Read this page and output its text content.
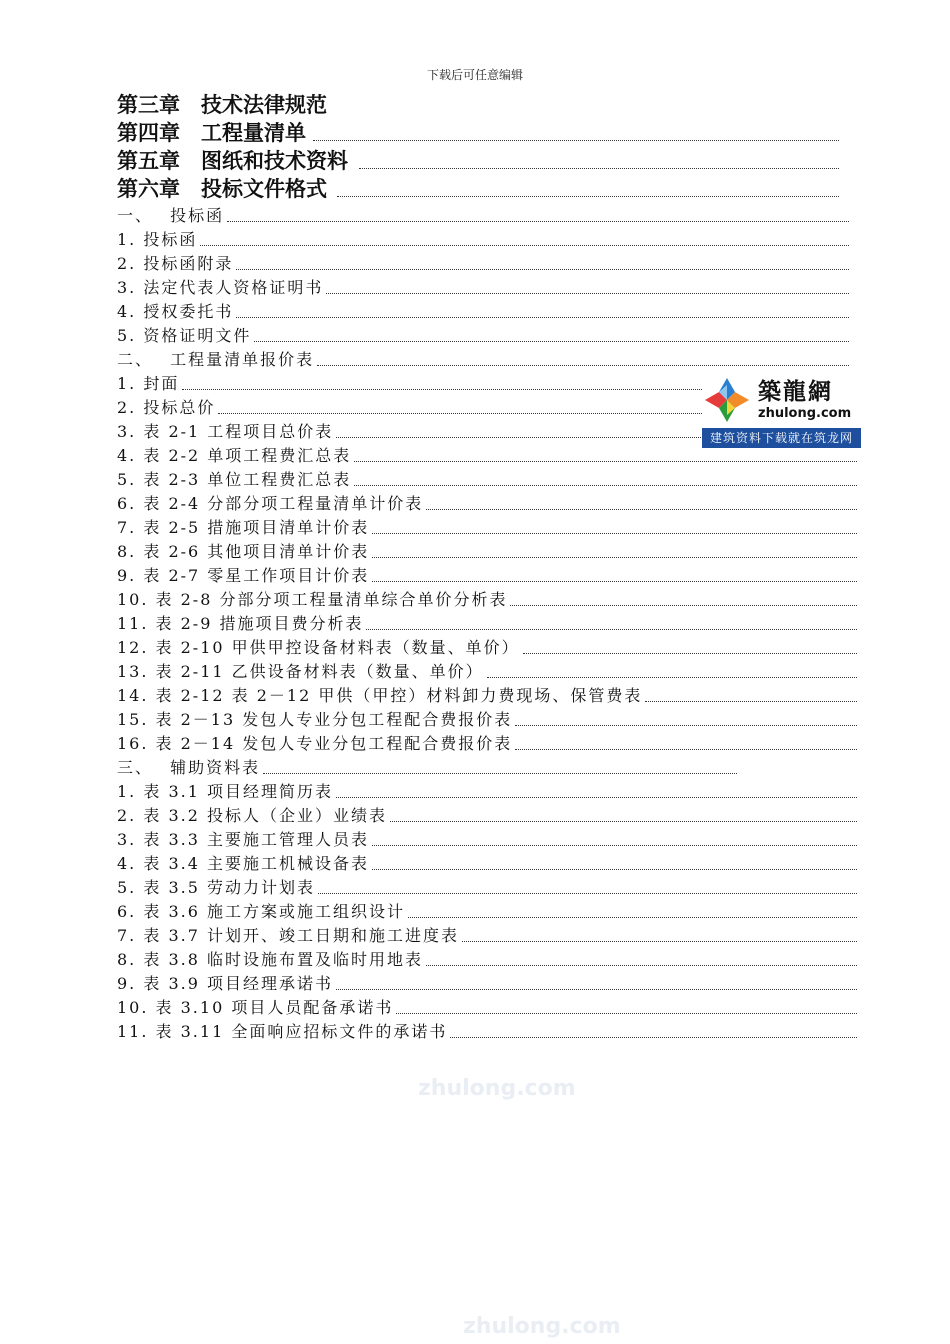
下载后可任意编辑
第三章　技术法律规范
第四章　工程量清单
第五章　图纸和技术资料
第六章　投标文件格式
一、　 投标函
1. 投标函
2. 投标函附录
3. 法定代表人资格证明书
4. 授权委托书
5. 资格证明文件
二、　 工程量清单报价表
1. 封面
2. 投标总价
3. 表 2-1 工程项目总价表
4. 表 2-2 单项工程费汇总表
5. 表 2-3 单位工程费汇总表
6. 表 2-4 分部分项工程量清单计价表
7. 表 2-5 措施项目清单计价表
8. 表 2-6 其他项目清单计价表
9. 表 2-7 零星工作项目计价表
10. 表 2-8 分部分项工程量清单综合单价分析表
11. 表 2-9 措施项目费分析表
12. 表 2-10 甲供甲控设备材料表（数量、单价）
13. 表 2-11 乙供设备材料表（数量、单价）
14. 表 2-12 表 2－12 甲供（甲控）材料卸力费现场、保管费表
15. 表 2－13 发包人专业分包工程配合费报价表
16. 表 2－14 发包人专业分包工程配合费报价表
三、　 辅助资料表
1. 表 3.1 项目经理简历表
2. 表 3.2 投标人（企业）业绩表
3. 表 3.3 主要施工管理人员表
4. 表 3.4 主要施工机械设备表
5. 表 3.5 劳动力计划表
6. 表 3.6 施工方案或施工组织设计
7. 表 3.7 计划开、竣工日期和施工进度表
8. 表 3.8 临时设施布置及临时用地表
9. 表 3.9 项目经理承诺书
10. 表 3.10 项目人员配备承诺书
11. 表 3.11 全面响应招标文件的承诺书
築龍網
zhulong.com
建筑资料下载就在筑龙网
zhulong.com
zhulong.com
